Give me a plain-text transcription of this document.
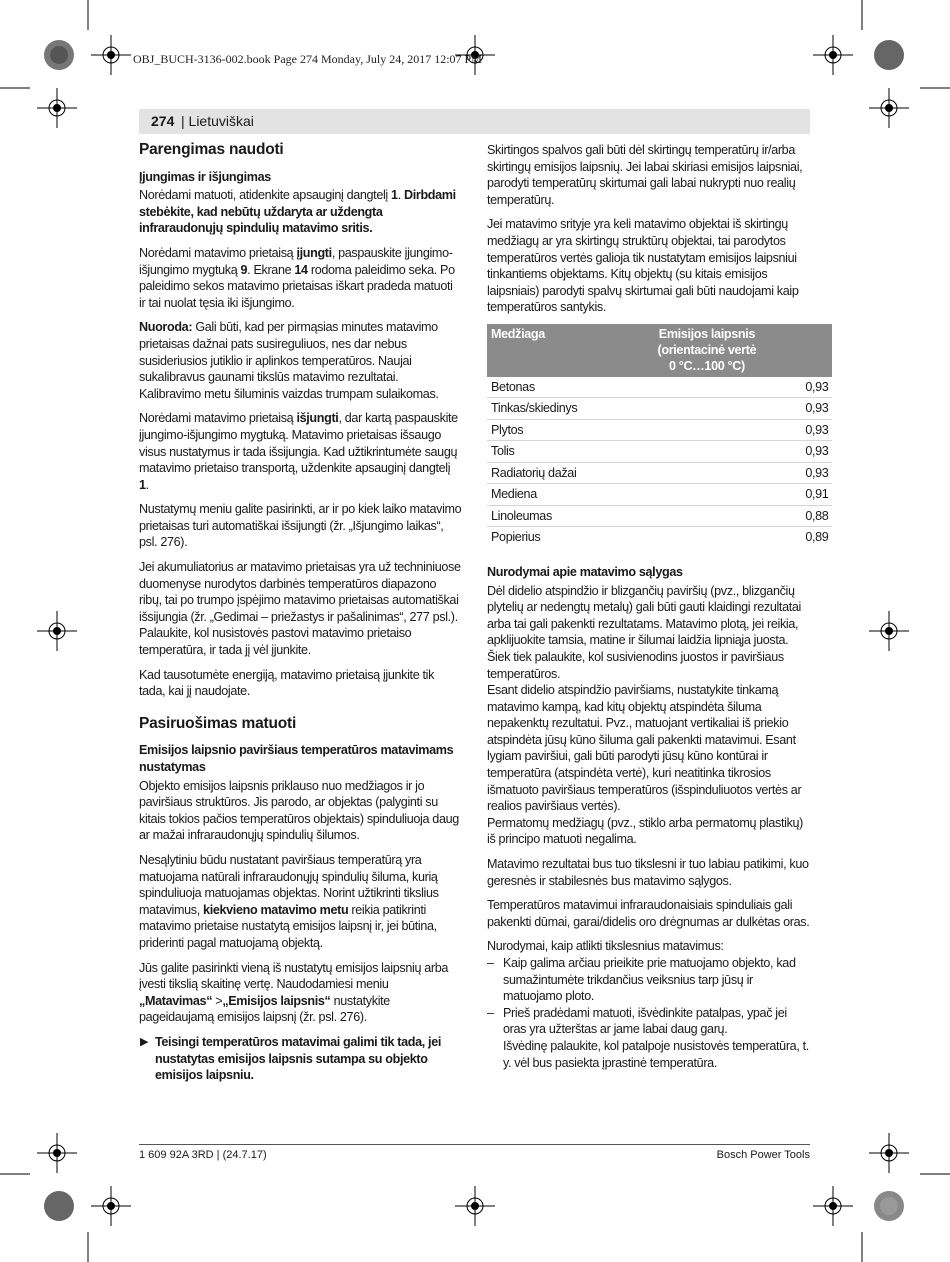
OBJ_BUCH-3136-002.book Page 274 Monday, July 24, 2017 12:07 PM
274 | Lietuviškai
Parengimas naudoti
Įjungimas ir išjungimas

Norėdami matuoti, atidenkite apsauginį dangtelį 1. Dirbdami stebėkite, kad nebūtų uždaryta ar uždengta infraraudonųjų spindulių matavimo sritis.

Norėdami matavimo prietaisą įjungti, paspauskite įjungimo-išjungimo mygtuką 9. Ekrane 14 rodoma paleidimo seka. Po paleidimo sekos matavimo prietaisas iškart pradeda matuoti ir tai nuolat tęsia iki išjungimo.

Nuoroda: Gali būti, kad per pirmąsias minutes matavimo prietaisas dažnai pats susireguliuos, nes dar nebus susideriusios jutiklio ir aplinkos temperatūros. Naujai sukalibravus gaunami tikslūs matavimo rezultatai. Kalibravimo metu šiluminis vaizdas trumpam sulaikomas.

Norėdami matavimo prietaisą išjungti, dar kartą paspauskite įjungimo-išjungimo mygtuką. Matavimo prietaisas išsaugo visus nustatymus ir tada išsijungia. Kad užtikrintumėte saugų matavimo prietaiso transportą, uždenkite apsauginį dangtelį 1.

Nustatymų meniu galite pasirinkti, ar ir po kiek laiko matavimo prietaisas turi automatiškai išsijungti (žr. „Išjungimo laikas“, psl. 276).

Jei akumuliatorius ar matavimo prietaisas yra už techniniuose duomenyse nurodytos darbinės temperatūros diapazono ribų, tai po trumpo įspėjimo matavimo prietaisas automatiškai išsijungia (žr. „Gedimai – priežastys ir pašalinimas“, 277 psl.). Palaukite, kol nusistovės pastovi matavimo prietaiso temperatūra, ir tada jį vėl įjunkite.

Kad tausotumėte energiją, matavimo prietaisą įjunkite tik tada, kai jį naudojate.

Pasiruošimas matuoti
Emisijos laipsnio paviršiaus temperatūros matavimams nustatymas

Objekto emisijos laipsnis priklauso nuo medžiagos ir jo paviršiaus struktūros. Jis parodo, ar objektas (palyginti su kitais tokios pačios temperatūros objektais) spinduliuoja daug ar mažai infraraudonųjų spindulių šilumos.

Nesąlytiniu būdu nustatant paviršiaus temperatūrą yra matuojama natūrali infraraudonųjų spindulių šiluma, kurią spinduliuoja matuojamas objektas. Norint užtikrinti tikslius matavimus, kiekvieno matavimo metu reikia patikrinti matavimo prietaise nustatytą emisijos laipsnį ir, jei būtina, priderinti pagal matuojamą objektą.

Jūs galite pasirinkti vieną iš nustatytų emisijos laipsnių arba įvesti tikslią skaitinę vertę. Naudodamiesi meniu „Matavimas“ >„Emisijos laipsnis“ nustatykite pageidaujamą emisijos laipsnį (žr. psl. 276).

▶ Teisingi temperatūros matavimai galimi tik tada, jei nustatytas emisijos laipsnis sutampa su objekto emisijos laipsniu.

Skirtingos spalvos gali būti dėl skirtingų temperatūrų ir/arba skirtingų emisijos laipsnių. Jei labai skiriasi emisijos laipsniai, parodyti temperatūrų skirtumai gali labai nukrypti nuo realių temperatūrų.

Jei matavimo srityje yra keli matavimo objektai iš skirtingų medžiagų ar yra skirtingų struktūrų objektai, tai parodytos temperatūros vertės galioja tik nustatytam emisijos laipsniui tinkantiems objektams. Kitų objektų (su kitais emisijos laipsniais) parodyti spalvų skirtumai gali būti naudojami kaip temperatūros santykis.

Medžiaga	Emisijos laipsnis
(orientacinė vertė
0 °C…100 °C)

Betonas	0,93
Tinkas/skiedinys	0,93
Plytos	0,93
Tolis	0,93
Radiatorių dažai	0,93
Mediena	0,91
Linoleumas	0,88
Popierius	0,89
Nurodymai apie matavimo sąlygas

Dėl didelio atspindžio ir blizgančių paviršių (pvz., blizgančių plytelių ar nedengtų metalų) gali būti gauti klaidingi rezultatai arba tai gali pakenkti rezultatams. Matavimo plotą, jei reikia, apklijuokite tamsia, matine ir šilumai laidžia lipniąja juosta. Šiek tiek palaukite, kol susivienodins juostos ir paviršiaus temperatūros.

Esant didelio atspindžio paviršiams, nustatykite tinkamą matavimo kampą, kad kitų objektų atspindėta šiluma nepakenktų rezultatui. Pvz., matuojant vertikaliai iš priekio atspindėta jūsų kūno šiluma gali pakenkti matavimui. Esant lygiam paviršiui, gali būti parodyti jūsų kūno kontūrai ir temperatūra (atspindėta vertė), kuri neatitinka tikrosios išmatuoto paviršiaus temperatūros (išspinduliuotos vertės ar realios paviršiaus vertės).

Permatomų medžiagų (pvz., stiklo arba permatomų plastikų) iš principo matuoti negalima.

Matavimo rezultatai bus tuo tikslesni ir tuo labiau patikimi, kuo geresnės ir stabilesnės bus matavimo sąlygos.

Temperatūros matavimui infraraudonaisiais spinduliais gali pakenkti dūmai, garai/didelis oro drėgnumas ar dulkėtas oras.

Nurodymai, kaip atlikti tikslesnius matavimus:

– Kaip galima arčiau prieikite prie matuojamo objekto, kad sumažintumėte trikdančius veiksnius tarp jūsų ir matuojamo ploto.
– Prieš pradėdami matuoti, išvėdinkite patalpas, ypač jei oras yra užterštas ar jame labai daug garų.
Išvėdinę palaukite, kol patalpoje nusistovės temperatūra, t. y. vėl bus pasiekta įprastinė temperatūra.
1 609 92A 3RD | (24.7.17)	Bosch Power Tools
